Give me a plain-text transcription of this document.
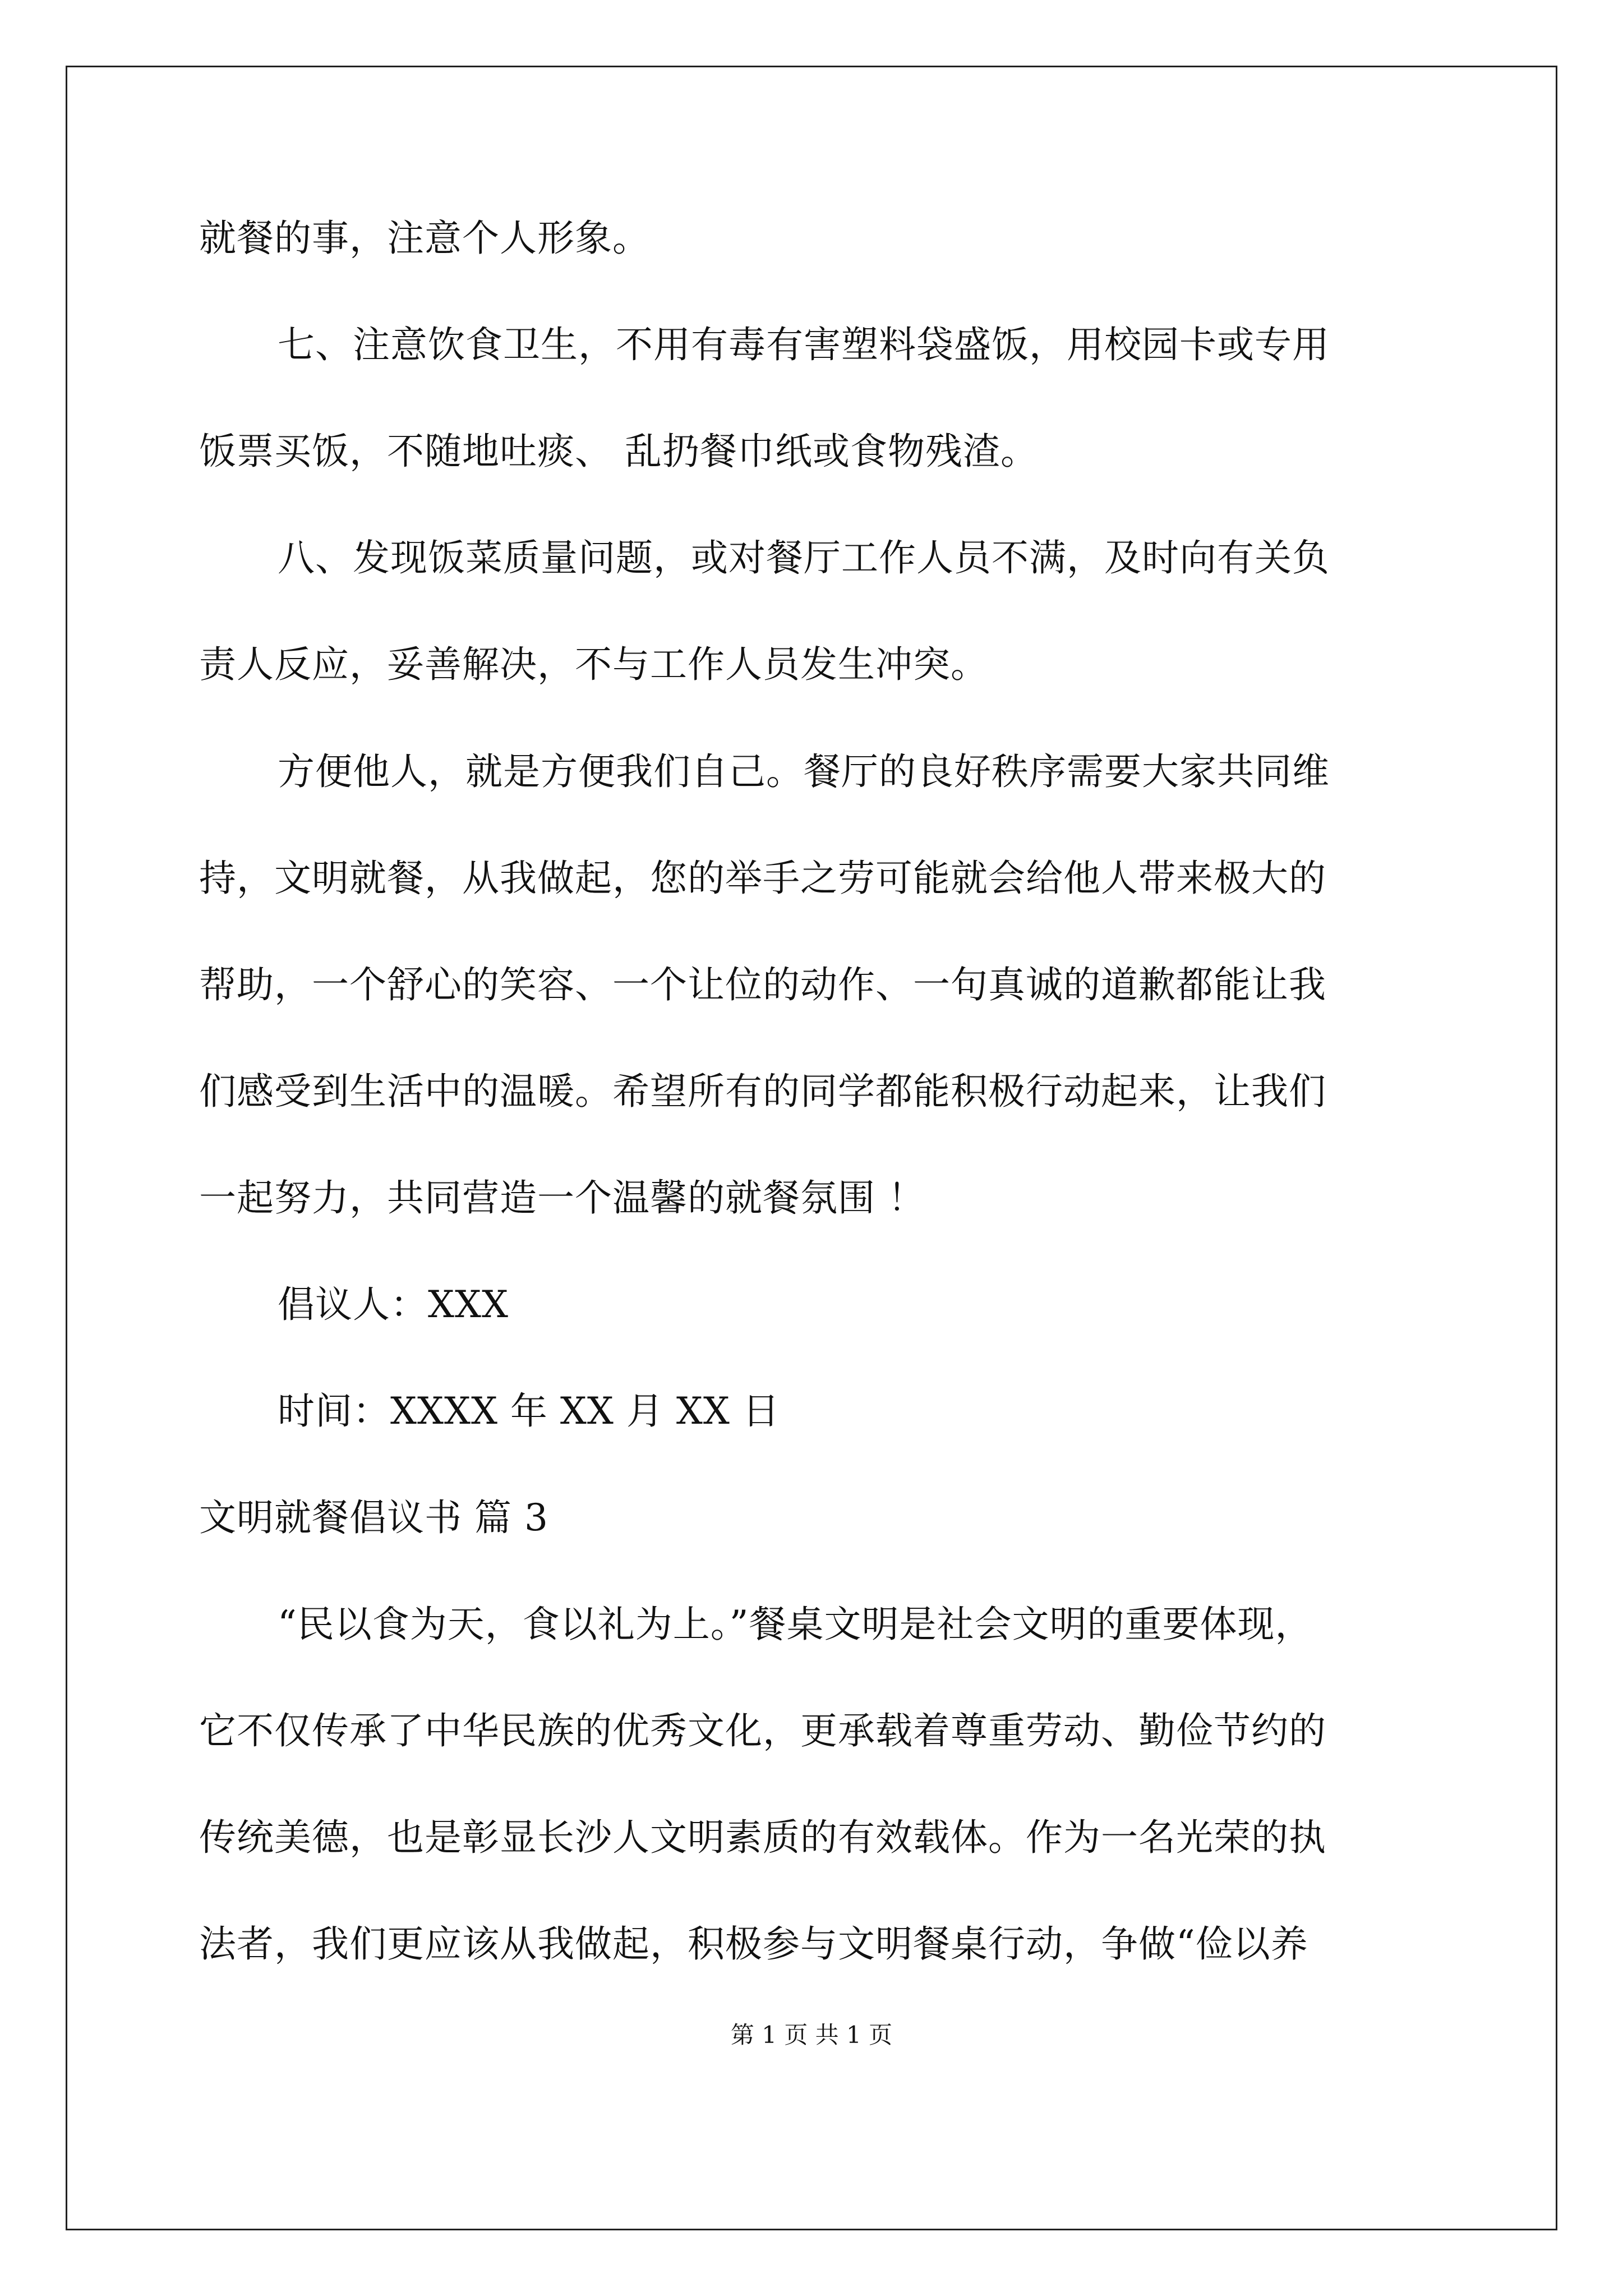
就餐的事，注意个人形象。
七、注意饮食卫生，不用有毒有害塑料袋盛饭，用校园卡或专用
饭票买饭，不随地吐痰、 乱扔餐巾纸或食物残渣。
八、发现饭菜质量问题，或对餐厅工作人员不满，及时向有关负
责人反应，妥善解决，不与工作人员发生冲突。
方便他人，就是方便我们自己。餐厅的良好秩序需要大家共同维
持，文明就餐，从我做起，您的举手之劳可能就会给他人带来极大的
帮助，一个舒心的笑容、一个让位的动作、一句真诚的道歉都能让我
们感受到生活中的温暖。希望所有的同学都能积极行动起来，让我们
一起努力，共同营造一个温馨的就餐氛围 ！
倡议人：XXX
时间：XXXX 年 XX 月 XX 日
文明就餐倡议书 篇 3
“民以食为天，食以礼为上。”餐桌文明是社会文明的重要体现，
它不仅传承了中华民族的优秀文化，更承载着尊重劳动、勤俭节约的
传统美德，也是彰显长沙人文明素质的有效载体。作为一名光荣的执
法者，我们更应该从我做起，积极参与文明餐桌行动，争做“俭以养
第 1 页 共 1 页
